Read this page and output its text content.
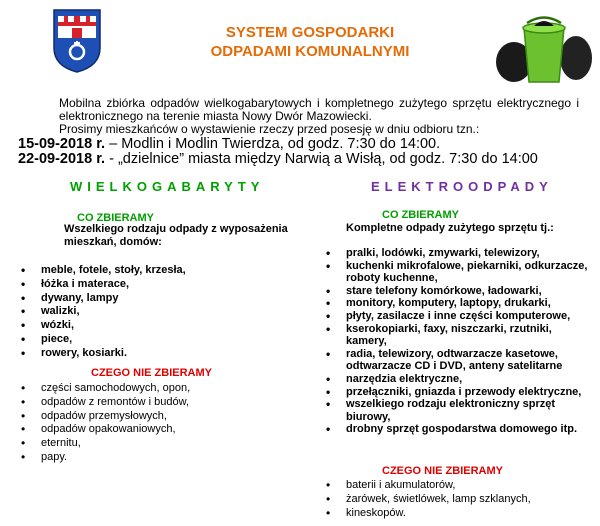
SYSTEM GOSPODARKI

ODPADAMI KOMUNALNYMI

Mobilna zbiórka odpadów wielkogabarytowych i kompletnego zużytego sprzętu elektrycznego i elektronicznego na terenie miasta Nowy Dwór Mazowiecki.

Prosimy mieszkańców o wystawienie rzeczy przed posesję w dniu odbioru tzn.:

15-09-2018 r. – Modlin i Modlin Twierdza, od godz. 7:30 do 14:00.

22-09-2018 r. - „dzielnice” miasta między Narwią a Wisłą, od godz. 7:30 do 14:00

WIELKOGABARYTY

CO ZBIERAMY

Wszelkiego rodzaju odpady z wyposażenia mieszkań, domów:

• meble, fotele, stoły, krzesła,
• łóżka i materace,
• dywany, lampy
• walizki,
• wózki,
• piece,
• rowery, kosiarki.

CZEGO NIE ZBIERAMY

• części samochodowych, opon,
• odpadów z remontów i budów,
• odpadów przemysłowych,
• odpadów opakowaniowych,
• eternitu,
• papy.

ELEKTROODPADY

CO ZBIERAMY

Kompletne odpady zużytego sprzętu tj.:

• pralki, lodówki, zmywarki, telewizory,
• kuchenki mikrofalowe, piekarniki, odkurzacze, roboty kuchenne,
• stare telefony komórkowe, ładowarki,
• monitory, komputery, laptopy, drukarki,
• płyty, zasilacze i inne części komputerowe,
• kserokopiarki, faxy, niszczarki, rzutniki, kamery,
• radia, telewizory, odtwarzacze kasetowe, odtwarzacze CD i DVD, anteny satelitarne
• narzędzia elektryczne,
• przełączniki, gniazda i przewody elektryczne,
• wszelkiego rodzaju elektroniczny sprzęt biurowy,
• drobny sprzęt gospodarstwa domowego itp.

CZEGO NIE ZBIERAMY

• baterii i akumulatorów,
• żarówek, świetlówek, lamp szklanych,
• kineskopów.
